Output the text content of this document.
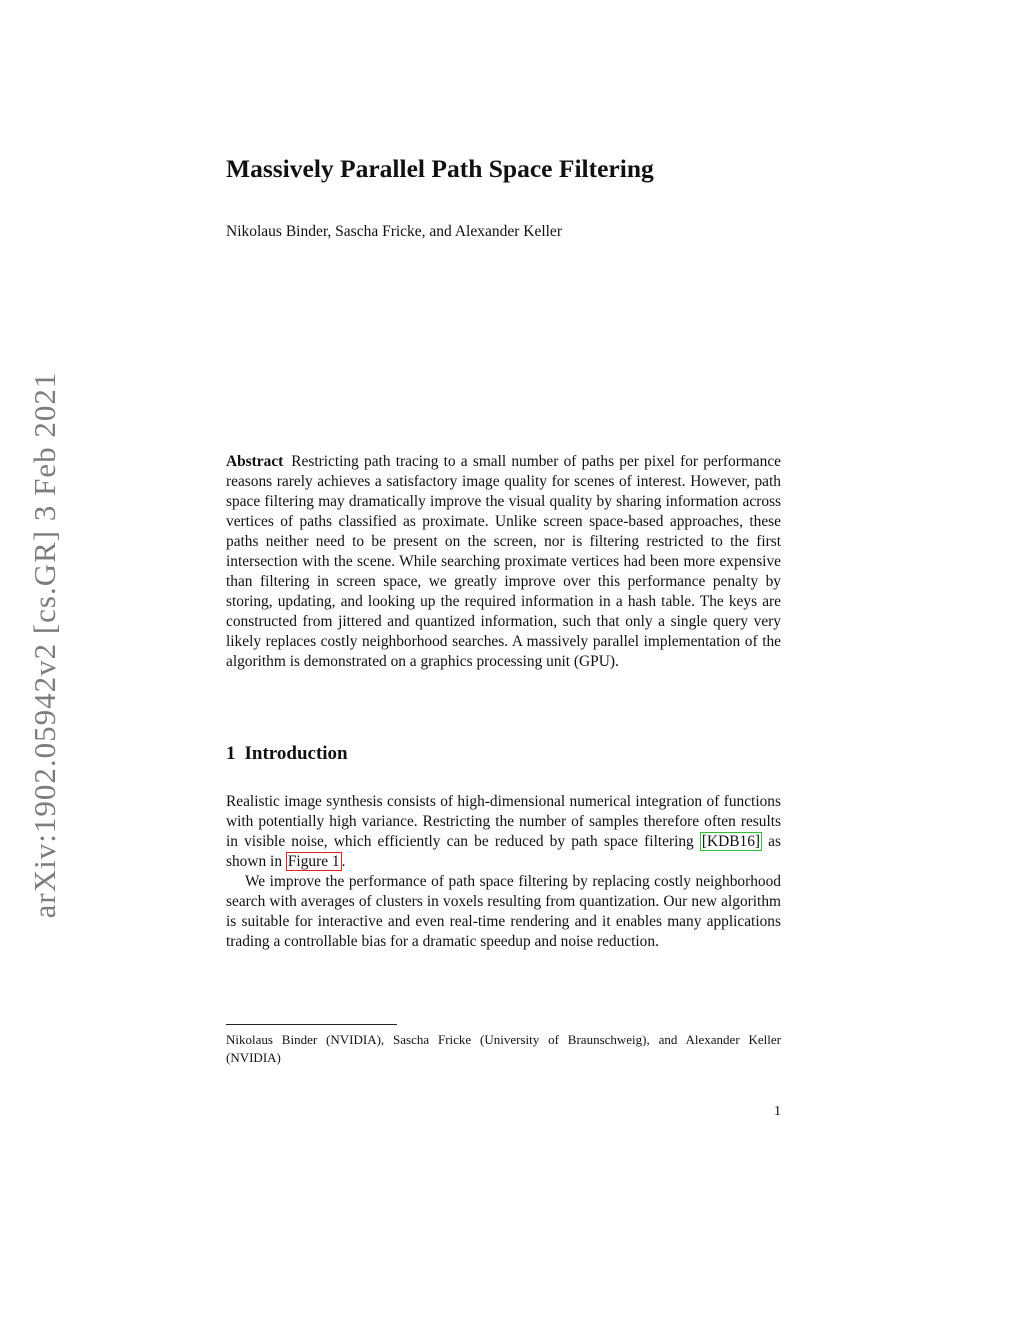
arXiv:1902.05942v2 [cs.GR] 3 Feb 2021
Massively Parallel Path Space Filtering
Nikolaus Binder, Sascha Fricke, and Alexander Keller
Abstract Restricting path tracing to a small number of paths per pixel for performance reasons rarely achieves a satisfactory image quality for scenes of interest. However, path space filtering may dramatically improve the visual quality by sharing information across vertices of paths classified as proximate. Unlike screen space-based approaches, these paths neither need to be present on the screen, nor is filtering restricted to the first intersection with the scene. While searching proximate vertices had been more expensive than filtering in screen space, we greatly improve over this performance penalty by storing, updating, and looking up the required information in a hash table. The keys are constructed from jittered and quantized information, such that only a single query very likely replaces costly neighborhood searches. A massively parallel implementation of the algorithm is demonstrated on a graphics processing unit (GPU).
1 Introduction

Realistic image synthesis consists of high-dimensional numerical integration of functions with potentially high variance. Restricting the number of samples therefore often results in visible noise, which efficiently can be reduced by path space filtering [KDB16] as shown in Figure 1 .

We improve the performance of path space filtering by replacing costly neighborhood search with averages of clusters in voxels resulting from quantization. Our new algorithm is suitable for interactive and even real-time rendering and it enables many applications trading a controllable bias for a dramatic speedup and noise reduction.

Nikolaus Binder (NVIDIA), Sascha Fricke (University of Braunschweig), and Alexander Keller (NVIDIA)
1
